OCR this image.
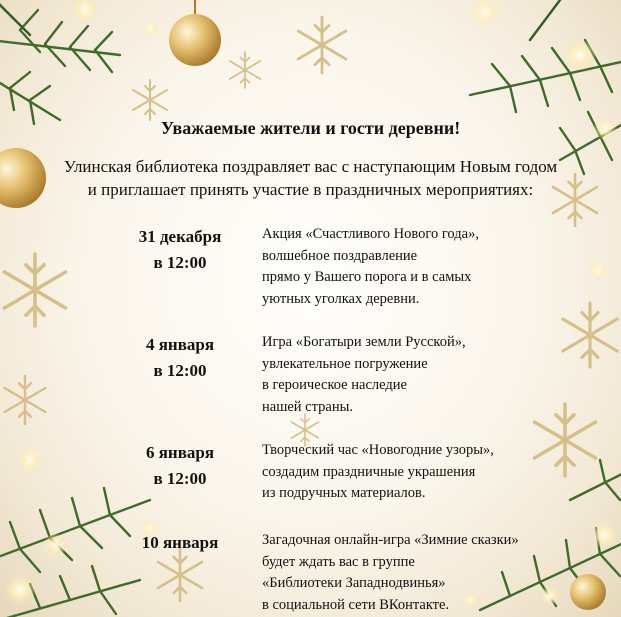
Уважаемые жители и гости деревни!

Улинская библиотека поздравляет вас с наступающим Новым годом
и приглашает принять участие в праздничных мероприятиях:

31 декабря
в 12:00
Акция «Счастливого Нового года»,
волшебное поздравление
прямо у Вашего порога и в самых
уютных уголках деревни.
4 января
в 12:00
Игра «Богатыри земли Русской»,
увлекательное погружение
в героическое наследие
нашей страны.
6 января
в 12:00
Творческий час «Новогодние узоры»,
создадим праздничные украшения
из подручных материалов.
10 января	Загадочная онлайн-игра «Зимние сказки»
будет ждать вас в группе
«Библиотеки Западнодвинья»
в социальной сети ВКонтакте.
